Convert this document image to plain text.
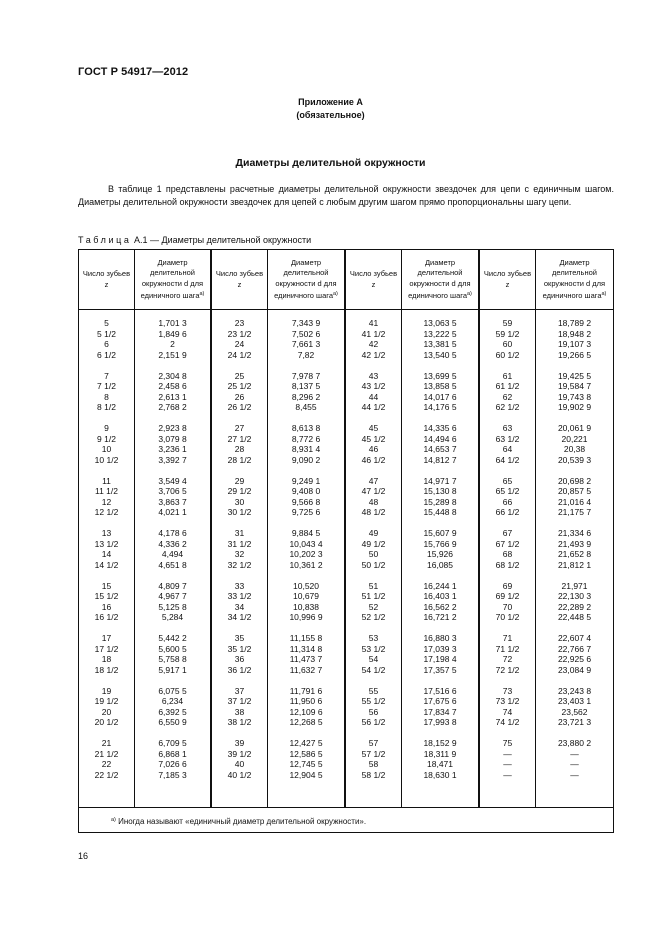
ГОСТ Р 54917—2012
Приложение А
(обязательное)
Диаметры делительной окружности

В таблице 1 представлены расчетные диаметры делительной окружности звездочек для цепи с единичным шагом. Диаметры делительной окружности звездочек для цепей с любым другим шагом прямо пропорциональны шагу цепи.

Таблица А.1 — Диаметры делительной окружности
Число зубьев z
Диаметр делительной окружности d для единичного шага$^{а)}$
Число зубьев z
Диаметр делительной окружности d для единичного шага$^{а)}$
Число зубьев z
Диаметр делительной окружности d для единичного шага$^{а)}$
Число зубьев z
Диаметр делительной окружности d для единичного шага$^{а)}$
5
5 1/2
6
6 1/2
7
7 1/2
8
8 1/2
9
9 1/2
10
10 1/2
11
11 1/2
12
12 1/2
13
13 1/2
14
14 1/2
15
15 1/2
16
16 1/2
17
17 1/2
18
18 1/2
19
19 1/2
20
20 1/2
21
21 1/2
22
22 1/2
1,701 3
1,849 6
2
2,151 9
2,304 8
2,458 6
2,613 1
2,768 2
2,923 8
3,079 8
3,236 1
3,392 7
3,549 4
3,706 5
3,863 7
4,021 1
4,178 6
4,336 2
4,494
4,651 8
4,809 7
4,967 7
5,125 8
5,284
5,442 2
5,600 5
5,758 8
5,917 1
6,075 5
6,234
6,392 5
6,550 9
6,709 5
6,868 1
7,026 6
7,185 3
23
23 1/2
24
24 1/2
25
25 1/2
26
26 1/2
27
27 1/2
28
28 1/2
29
29 1/2
30
30 1/2
31
31 1/2
32
32 1/2
33
33 1/2
34
34 1/2
35
35 1/2
36
36 1/2
37
37 1/2
38
38 1/2
39
39 1/2
40
40 1/2
7,343 9
7,502 6
7,661 3
7,82
7,978 7
8,137 5
8,296 2
8,455
8,613 8
8,772 6
8,931 4
9,090 2
9,249 1
9,408 0
9,566 8
9,725 6
9,884 5
10,043 4
10,202 3
10,361 2
10,520
10,679
10,838
10,996 9
11,155 8
11,314 8
11,473 7
11,632 7
11,791 6
11,950 6
12,109 6
12,268 5
12,427 5
12,586 5
12,745 5
12,904 5
41
41 1/2
42
42 1/2
43
43 1/2
44
44 1/2
45
45 1/2
46
46 1/2
47
47 1/2
48
48 1/2
49
49 1/2
50
50 1/2
51
51 1/2
52
52 1/2
53
53 1/2
54
54 1/2
55
55 1/2
56
56 1/2
57
57 1/2
58
58 1/2
13,063 5
13,222 5
13,381 5
13,540 5
13,699 5
13,858 5
14,017 6
14,176 5
14,335 6
14,494 6
14,653 7
14,812 7
14,971 7
15,130 8
15,289 8
15,448 8
15,607 9
15,766 9
15,926
16,085
16,244 1
16,403 1
16,562 2
16,721 2
16,880 3
17,039 3
17,198 4
17,357 5
17,516 6
17,675 6
17,834 7
17,993 8
18,152 9
18,311 9
18,471
18,630 1
59
59 1/2
60
60 1/2
61
61 1/2
62
62 1/2
63
63 1/2
64
64 1/2
65
65 1/2
66
66 1/2
67
67 1/2
68
68 1/2
69
69 1/2
70
70 1/2
71
71 1/2
72
72 1/2
73
73 1/2
74
74 1/2
75
—
—
—
18,789 2
18,948 2
19,107 3
19,266 5
19,425 5
19,584 7
19,743 8
19,902 9
20,061 9
20,221
20,38
20,539 3
20,698 2
20,857 5
21,016 4
21,175 7
21,334 6
21,493 9
21,652 8
21,812 1
21,971
22,130 3
22,289 2
22,448 5
22,607 4
22,766 7
22,925 6
23,084 9
23,243 8
23,403 1
23,562
23,721 3
23,880 2
—
—
—
$^{а)}$ Иногда называют «единичный диаметр делительной окружности».
16
